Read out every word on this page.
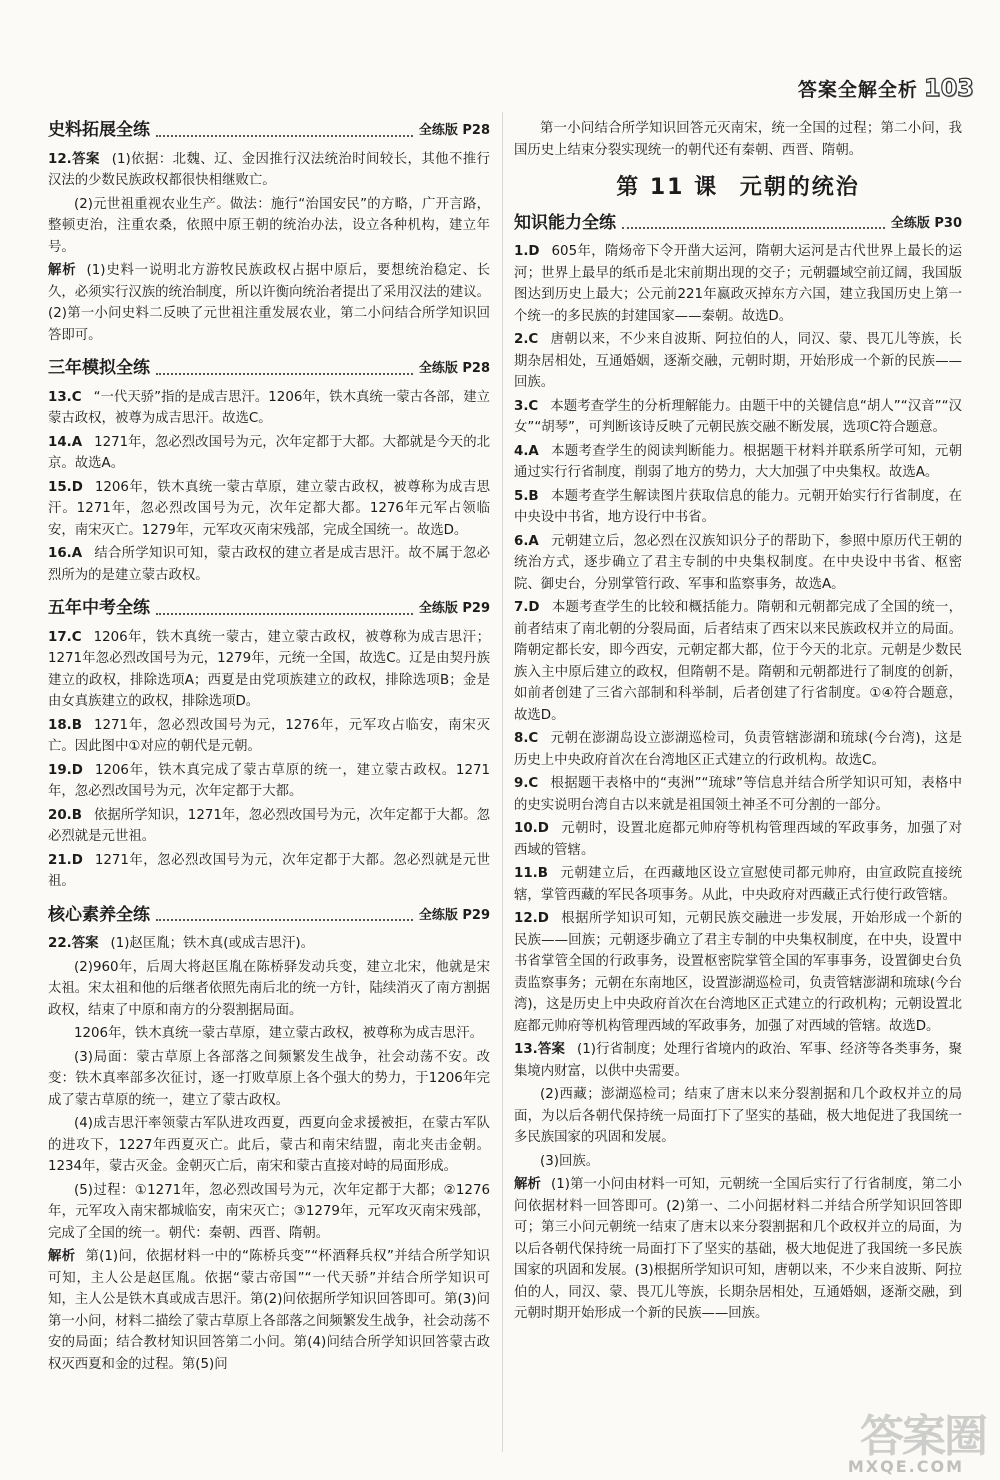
答案全解全析 103
史料拓展全练	全练版 P28
12.答案 (1)依据：北魏、辽、金因推行汉法统治时间较长，其他不推行汉法的少数民族政权都很快相继败亡。
(2)元世祖重视农业生产。做法：施行“治国安民”的方略，广开言路，整顿吏治，注重农桑，依照中原王朝的统治办法，设立各种机构，建立年号。
解析 (1)史料一说明北方游牧民族政权占据中原后，要想统治稳定、长久，必须实行汉族的统治制度，所以许衡向统治者提出了采用汉法的建议。(2)第一小问史料二反映了元世祖注重发展农业，第二小问结合所学知识回答即可。
三年模拟全练	全练版 P28
13.C “一代天骄”指的是成吉思汗。1206年，铁木真统一蒙古各部，建立蒙古政权，被尊为成吉思汗。故选C。
14.A 1271年，忽必烈改国号为元，次年定都于大都。大都就是今天的北京。故选A。
15.D 1206年，铁木真统一蒙古草原，建立蒙古政权，被尊称为成吉思汗。1271年，忽必烈改国号为元，次年定都大都。1276年元军占领临安，南宋灭亡。1279年，元军攻灭南宋残部，完成全国统一。故选D。
16.A 结合所学知识可知，蒙古政权的建立者是成吉思汗。故不属于忽必烈所为的是建立蒙古政权。
五年中考全练	全练版 P29
17.C 1206年，铁木真统一蒙古，建立蒙古政权，被尊称为成吉思汗；1271年忽必烈改国号为元，1279年，元统一全国，故选C。辽是由契丹族建立的政权，排除选项A；西夏是由党项族建立的政权，排除选项B；金是由女真族建立的政权，排除选项D。
18.B 1271年，忽必烈改国号为元，1276年，元军攻占临安，南宋灭亡。因此图中①对应的朝代是元朝。
19.D 1206年，铁木真完成了蒙古草原的统一，建立蒙古政权。1271年，忽必烈改国号为元，次年定都于大都。
20.B 依据所学知识，1271年，忽必烈改国号为元，次年定都于大都。忽必烈就是元世祖。
21.D 1271年，忽必烈改国号为元，次年定都于大都。忽必烈就是元世祖。
核心素养全练	全练版 P29
22.答案 (1)赵匡胤；铁木真(或成吉思汗)。
(2)960年，后周大将赵匡胤在陈桥驿发动兵变，建立北宋，他就是宋太祖。宋太祖和他的后继者依照先南后北的统一方针，陆续消灭了南方割据政权，结束了中原和南方的分裂割据局面。
1206年，铁木真统一蒙古草原，建立蒙古政权，被尊称为成吉思汗。
(3)局面：蒙古草原上各部落之间频繁发生战争，社会动荡不安。改变：铁木真率部多次征讨，逐一打败草原上各个强大的势力，于1206年完成了蒙古草原的统一，建立了蒙古政权。
(4)成吉思汗率领蒙古军队进攻西夏，西夏向金求援被拒，在蒙古军队的进攻下，1227年西夏灭亡。此后，蒙古和南宋结盟，南北夹击金朝。1234年，蒙古灭金。金朝灭亡后，南宋和蒙古直接对峙的局面形成。
(5)过程：①1271年，忽必烈改国号为元，次年定都于大都；②1276年，元军攻入南宋都城临安，南宋灭亡；③1279年，元军攻灭南宋残部，完成了全国的统一。朝代：秦朝、西晋、隋朝。
解析 第(1)问，依据材料一中的“陈桥兵变”“杯酒释兵权”并结合所学知识可知，主人公是赵匡胤。依据“蒙古帝国”“一代天骄”并结合所学知识可知，主人公是铁木真或成吉思汗。第(2)问依据所学知识回答即可。第(3)问第一小问，材料二描绘了蒙古草原上各部落之间频繁发生战争，社会动荡不安的局面；结合教材知识回答第二小问。第(4)问结合所学知识回答蒙古政权灭西夏和金的过程。第(5)问
第一小问结合所学知识回答元灭南宋，统一全国的过程；第二小问，我国历史上结束分裂实现统一的朝代还有秦朝、西晋、隋朝。
第 11 课 元朝的统治
知识能力全练	全练版 P30
1.D 605年，隋炀帝下令开凿大运河，隋朝大运河是古代世界上最长的运河；世界上最早的纸币是北宋前期出现的交子；元朝疆域空前辽阔，我国版图达到历史上最大；公元前221年嬴政灭掉东方六国，建立我国历史上第一个统一的多民族的封建国家——秦朝。故选D。
2.C 唐朝以来，不少来自波斯、阿拉伯的人，同汉、蒙、畏兀儿等族，长期杂居相处，互通婚姻，逐渐交融，元朝时期，开始形成一个新的民族——回族。
3.C 本题考查学生的分析理解能力。由题干中的关键信息“胡人”“汉音”“汉女”“胡琴”，可判断该诗反映了元朝民族交融不断发展，选项C符合题意。
4.A 本题考查学生的阅读判断能力。根据题干材料并联系所学可知，元朝通过实行行省制度，削弱了地方的势力，大大加强了中央集权。故选A。
5.B 本题考查学生解读图片获取信息的能力。元朝开始实行行省制度，在中央设中书省，地方设行中书省。
6.A 元朝建立后，忽必烈在汉族知识分子的帮助下，参照中原历代王朝的统治方式，逐步确立了君主专制的中央集权制度。在中央设中书省、枢密院、御史台，分别掌管行政、军事和监察事务，故选A。
7.D 本题考查学生的比较和概括能力。隋朝和元朝都完成了全国的统一，前者结束了南北朝的分裂局面，后者结束了西宋以来民族政权并立的局面。隋朝定都长安，即今西安，元朝定都大都，位于今天的北京。元朝是少数民族入主中原后建立的政权，但隋朝不是。隋朝和元朝都进行了制度的创新，如前者创建了三省六部制和科举制，后者创建了行省制度。①④符合题意，故选D。
8.C 元朝在澎湖岛设立澎湖巡检司，负责管辖澎湖和琉球(今台湾)，这是历史上中央政府首次在台湾地区正式建立的行政机构。故选C。
9.C 根据题干表格中的“夷洲”“琉球”等信息并结合所学知识可知，表格中的史实说明台湾自古以来就是祖国领土神圣不可分割的一部分。
10.D 元朝时，设置北庭都元帅府等机构管理西域的军政事务，加强了对西域的管辖。
11.B 元朝建立后，在西藏地区设立宣慰使司都元帅府，由宣政院直接统辖，掌管西藏的军民各项事务。从此，中央政府对西藏正式行使行政管辖。
12.D 根据所学知识可知，元朝民族交融进一步发展，开始形成一个新的民族——回族；元朝逐步确立了君主专制的中央集权制度，在中央，设置中书省掌管全国的行政事务，设置枢密院掌管全国的军事事务，设置御史台负责监察事务；元朝在东南地区，设置澎湖巡检司，负责管辖澎湖和琉球(今台湾)，这是历史上中央政府首次在台湾地区正式建立的行政机构；元朝设置北庭都元帅府等机构管理西域的军政事务，加强了对西域的管辖。故选D。
13.答案 (1)行省制度；处理行省境内的政治、军事、经济等各类事务，聚集境内财富，以供中央需要。
(2)西藏；澎湖巡检司；结束了唐末以来分裂割据和几个政权并立的局面，为以后各朝代保持统一局面打下了坚实的基础，极大地促进了我国统一多民族国家的巩固和发展。
(3)回族。
解析 (1)第一小问由材料一可知，元朝统一全国后实行了行省制度，第二小问依据材料一回答即可。(2)第一、二小问据材料二并结合所学知识回答即可；第三小问元朝统一结束了唐末以来分裂割据和几个政权并立的局面，为以后各朝代保持统一局面打下了坚实的基础，极大地促进了我国统一多民族国家的巩固和发展。(3)根据所学知识可知，唐朝以来，不少来自波斯、阿拉伯的人，同汉、蒙、畏兀儿等族，长期杂居相处，互通婚姻，逐渐交融，到元朝时期开始形成一个新的民族——回族。
答案圈
MXQE.COM
